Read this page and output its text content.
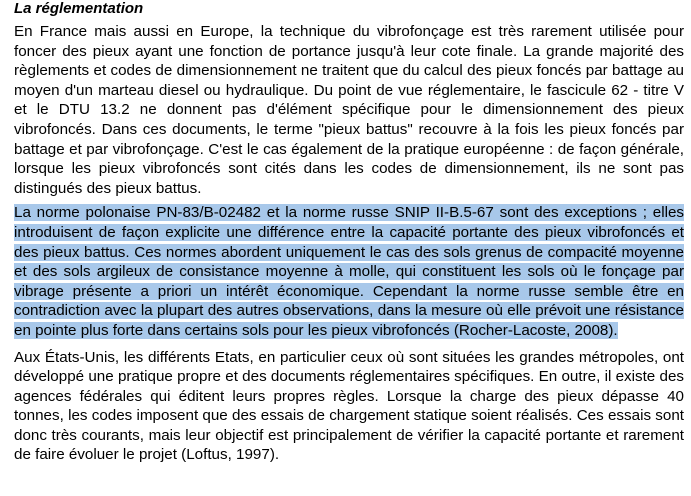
La réglementation

En France mais aussi en Europe, la technique du vibrofonçage est très rarement utilisée pour foncer des pieux ayant une fonction de portance jusqu'à leur cote finale. La grande majorité des règlements et codes de dimensionnement ne traitent que du calcul des pieux foncés par battage au moyen d'un marteau diesel ou hydraulique. Du point de vue réglementaire, le fascicule 62 - titre V et le DTU 13.2 ne donnent pas d'élément spécifique pour le dimensionnement des pieux vibrofoncés. Dans ces documents, le terme "pieux battus" recouvre à la fois les pieux foncés par battage et par vibrofonçage. C'est le cas également de la pratique européenne : de façon générale, lorsque les pieux vibrofoncés sont cités dans les codes de dimensionnement, ils ne sont pas distingués des pieux battus.

La norme polonaise PN-83/B-02482 et la norme russe SNIP II-B.5-67 sont des exceptions ; elles introduisent de façon explicite une différence entre la capacité portante des pieux vibrofoncés et des pieux battus. Ces normes abordent uniquement le cas des sols grenus de compacité moyenne et des sols argileux de consistance moyenne à molle, qui constituent les sols où le fonçage par vibrage présente a priori un intérêt économique. Cependant la norme russe semble être en contradiction avec la plupart des autres observations, dans la mesure où elle prévoit une résistance en pointe plus forte dans certains sols pour les pieux vibrofoncés (Rocher-Lacoste, 2008).

Aux États-Unis, les différents Etats, en particulier ceux où sont situées les grandes métropoles, ont développé une pratique propre et des documents réglementaires spécifiques. En outre, il existe des agences fédérales qui éditent leurs propres règles. Lorsque la charge des pieux dépasse 40 tonnes, les codes imposent que des essais de chargement statique soient réalisés. Ces essais sont donc très courants, mais leur objectif est principalement de vérifier la capacité portante et rarement de faire évoluer le projet (Loftus, 1997).
